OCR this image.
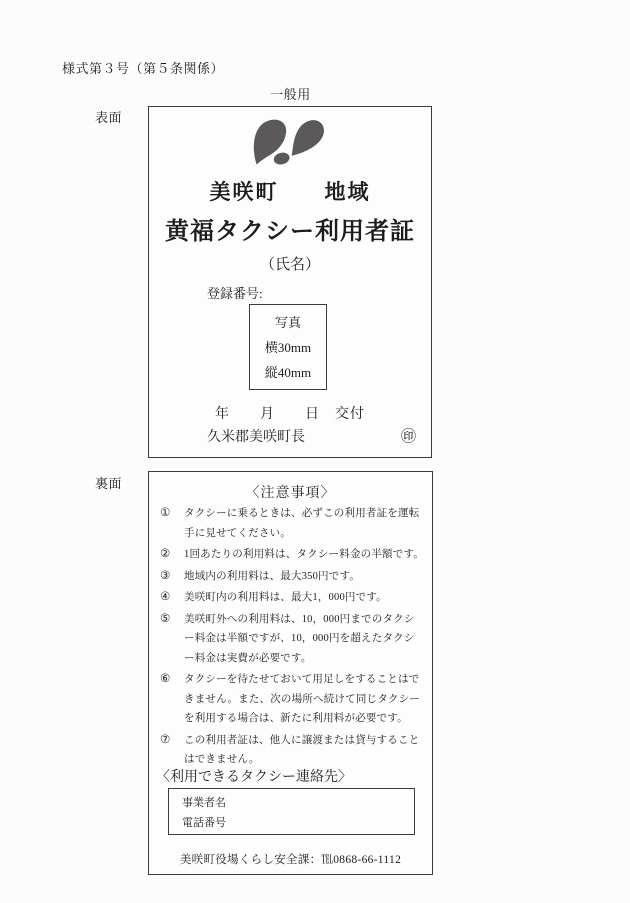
様式第３号（第５条関係）
一般用
表面
裏面
美咲町　　地域
黄福タクシー利用者証
（氏名）
登録番号:
写真
横30mm
縦40mm
年　　月　　日　交付
久米郡美咲町長	㊞
〈注意事項〉
①	タクシーに乗るときは、必ずこの利用者証を運転手に見せてください。
②	1回あたりの利用料は、タクシー料金の半額です。
③	地域内の利用料は、最大350円です。
④	美咲町内の利用料は、最大1，000円です。
⑤	美咲町外への利用料は、10，000円までのタクシー料金は半額ですが、10，000円を超えたタクシー料金は実費が必要です。
⑥	タクシーを待たせておいて用足しをすることはできません。また、次の場所へ続けて同じタクシーを利用する場合は、新たに利用料が必要です。
⑦	この利用者証は、他人に譲渡または貸与することはできません。
〈利用できるタクシー連絡先〉
事業者名
電話番号
美咲町役場くらし安全課：℡0868-66-1112
